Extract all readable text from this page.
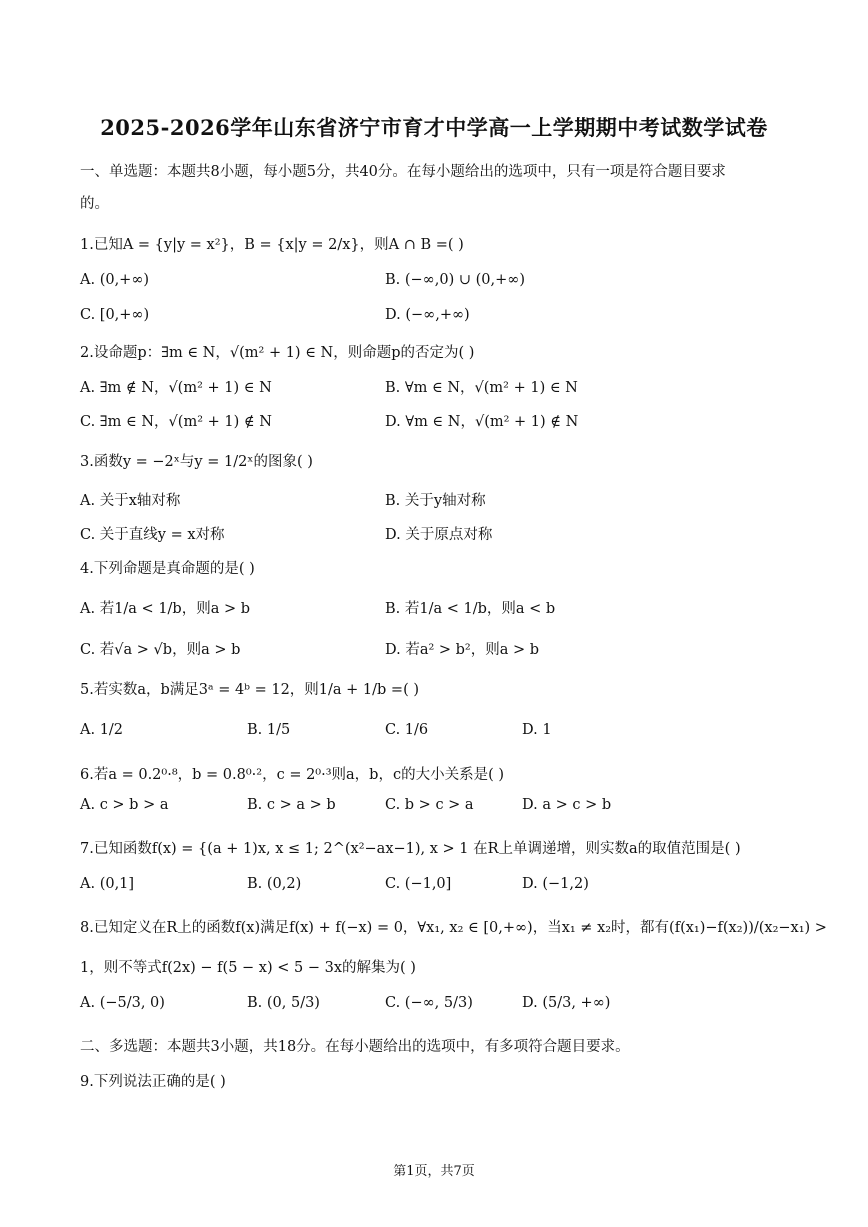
2025-2026学年山东省济宁市育才中学高一上学期期中考试数学试卷
一、单选题：本题共8小题，每小题5分，共40分。在每小题给出的选项中，只有一项是符合题目要求
的。
1.已知A = {y|y = x²}，B = {x|y = 2/x}，则A ∩ B =( )
A. (0,+∞)	B. (−∞,0) ∪ (0,+∞)
C. [0,+∞)	D. (−∞,+∞)
2.设命题p：∃m ∈ N，√(m² + 1) ∈ N，则命题p的否定为( )
A. ∃m ∉ N，√(m² + 1) ∈ N	B. ∀m ∈ N，√(m² + 1) ∈ N
C. ∃m ∈ N，√(m² + 1) ∉ N	D. ∀m ∈ N，√(m² + 1) ∉ N
3.函数y = −2ˣ与y = 1/2ˣ的图象( )
A. 关于x轴对称	B. 关于y轴对称
C. 关于直线y = x对称	D. 关于原点对称
4.下列命题是真命题的是( )
A. 若1/a < 1/b，则a > b	B. 若1/a < 1/b，则a < b
C. 若√a > √b，则a > b	D. 若a² > b²，则a > b
5.若实数a，b满足3ᵃ = 4ᵇ = 12，则1/a + 1/b =( )
A. 1/2	B. 1/5	C. 1/6	D. 1
6.若a = 0.2⁰·⁸，b = 0.8⁰·²，c = 2⁰·³则a，b，c的大小关系是( )
A. c > b > a	B. c > a > b	C. b > c > a	D. a > c > b
7.已知函数f(x) = {(a + 1)x, x ≤ 1; 2^(x²−ax−1), x > 1 在R上单调递增，则实数a的取值范围是( )
A. (0,1]	B. (0,2)	C. (−1,0]	D. (−1,2)
8.已知定义在R上的函数f(x)满足f(x) + f(−x) = 0，∀x₁, x₂ ∈ [0,+∞)，当x₁ ≠ x₂时，都有(f(x₁)−f(x₂))/(x₂−x₁) >
1，则不等式f(2x) − f(5 − x) < 5 − 3x的解集为( )
A. (−5/3, 0)	B. (0, 5/3)	C. (−∞, 5/3)	D. (5/3, +∞)
二、多选题：本题共3小题，共18分。在每小题给出的选项中，有多项符合题目要求。
9.下列说法正确的是( )
第1页，共7页
